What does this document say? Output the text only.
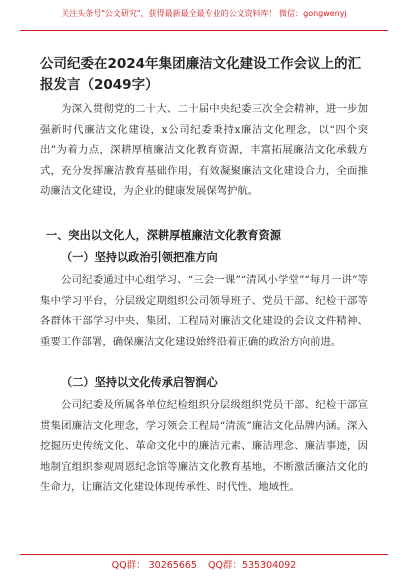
关注头条号"公文研究"，获得最新最全最专业的公文资料库！ 微信：gongwenyj
公司纪委在2024年集团廉洁文化建设工作会议上的汇报发言（2049字）

为深入贯彻党的二十大、二十届中央纪委三次全会精神，进一步加强新时代廉洁文化建设，x公司纪委秉持x廉洁文化理念，以“四个突出”为着力点，深耕厚植廉洁文化教育资源，丰富拓展廉洁文化承载方式，充分发挥廉洁教育基础作用，有效凝聚廉洁文化建设合力，全面推动廉洁文化建设，为企业的健康发展保驾护航。

一、突出以文化人，深耕厚植廉洁文化教育资源
（一）坚持以政治引领把准方向

公司纪委通过中心组学习、“三会一课”“清风小学堂”“每月一讲”等集中学习平台，分层级定期组织公司领导班子、党员干部、纪检干部等各群体干部学习中央、集团、工程局对廉洁文化建设的会议文件精神、重要工作部署，确保廉洁文化建设始终沿着正确的政治方向前进。

（二）坚持以文化传承启智润心

公司纪委及所属各单位纪检组织分层级组织党员干部、纪检干部宣贯集团廉洁文化理念，学习领会工程局“清流”廉洁文化品牌内涵。深入挖掘历史传统文化、革命文化中的廉洁元素、廉洁理念、廉洁事迹，因地制宜组织参观周恩纪念馆等廉洁文化教育基地，不断激活廉洁文化的生命力，让廉洁文化建设体现传承性、时代性、地域性。

QQ群： 30265665 QQ群：535304092
